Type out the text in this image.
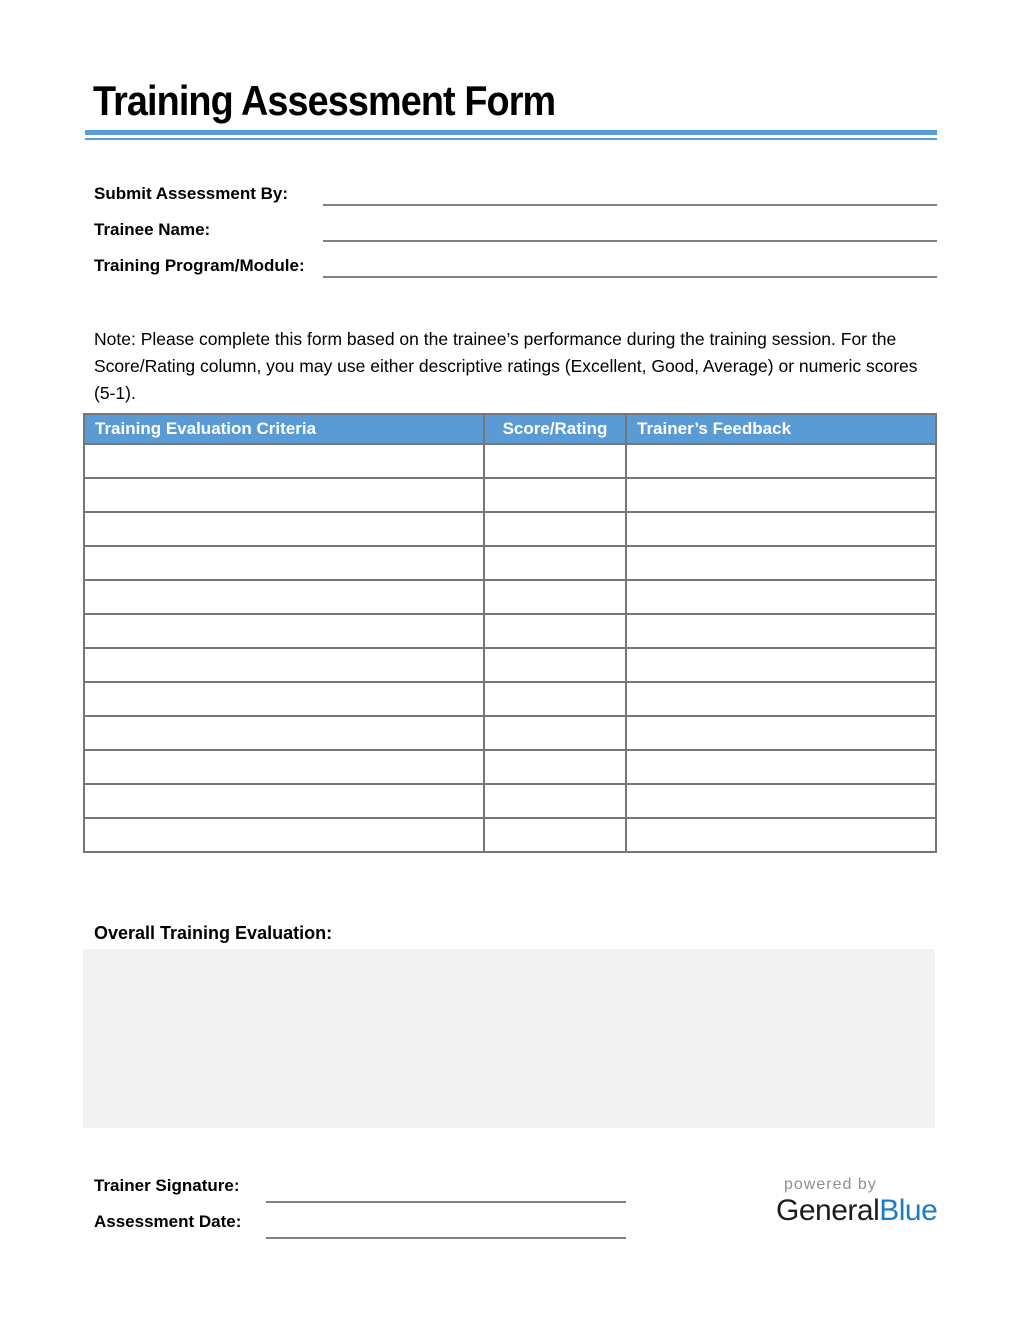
Training Assessment Form
Submit Assessment By:
Trainee Name:
Training Program/Module:

Note: Please complete this form based on the trainee’s performance during the training session. For the Score/Rating column, you may use either descriptive ratings (Excellent, Good, Average) or numeric scores (5-1).

Training Evaluation Criteria	Score/Rating	Trainer’s Feedback

Overall Training Evaluation:
Trainer Signature:
Assessment Date:
powered by
GeneralBlue
